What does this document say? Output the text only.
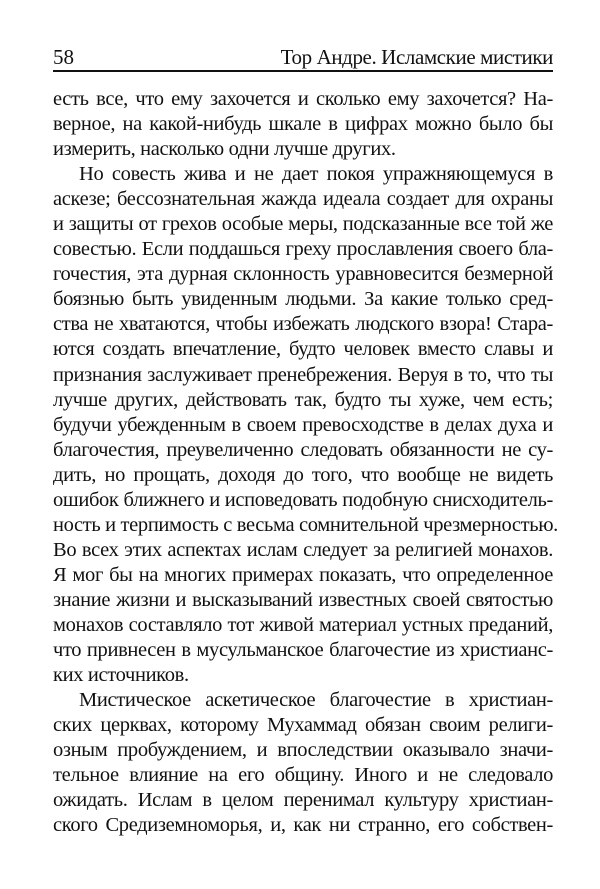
58	Тор Андре. Исламские мистики
есть все, что ему захочется и сколько ему захочется? На-
верное, на какой-нибудь шкале в цифрах можно было бы
измерить, насколько одни лучше других.
Но совесть жива и не дает покоя упражняющемуся в
аскезе; бессознательная жажда идеала создает для охраны
и защиты от грехов особые меры, подсказанные все той же
совестью. Если поддашься греху прославления своего бла-
гочестия, эта дурная склонность уравновесится безмерной
боязнью быть увиденным людьми. За какие только сред-
ства не хватаются, чтобы избежать людского взора! Стара-
ются создать впечатление, будто человек вместо славы и
признания заслуживает пренебрежения. Веруя в то, что ты
лучше других, действовать так, будто ты хуже, чем есть;
будучи убежденным в своем превосходстве в делах духа и
благочестия, преувеличенно следовать обязанности не су-
дить, но прощать, доходя до того, что вообще не видеть
ошибок ближнего и исповедовать подобную снисходитель-
ность и терпимость с весьма сомнительной чрезмерностью.
Во всех этих аспектах ислам следует за религией монахов.
Я мог бы на многих примерах показать, что определенное
знание жизни и высказываний известных своей святостью
монахов составляло тот живой материал устных преданий,
что привнесен в мусульманское благочестие из христианс-
ких источников.
Мистическое аскетическое благочестие в христиан-
ских церквах, которому Мухаммад обязан своим религи-
озным пробуждением, и впоследствии оказывало значи-
тельное влияние на его общину. Иного и не следовало
ожидать. Ислам в целом перенимал культуру христиан-
ского Средиземноморья, и, как ни странно, его собствен-
